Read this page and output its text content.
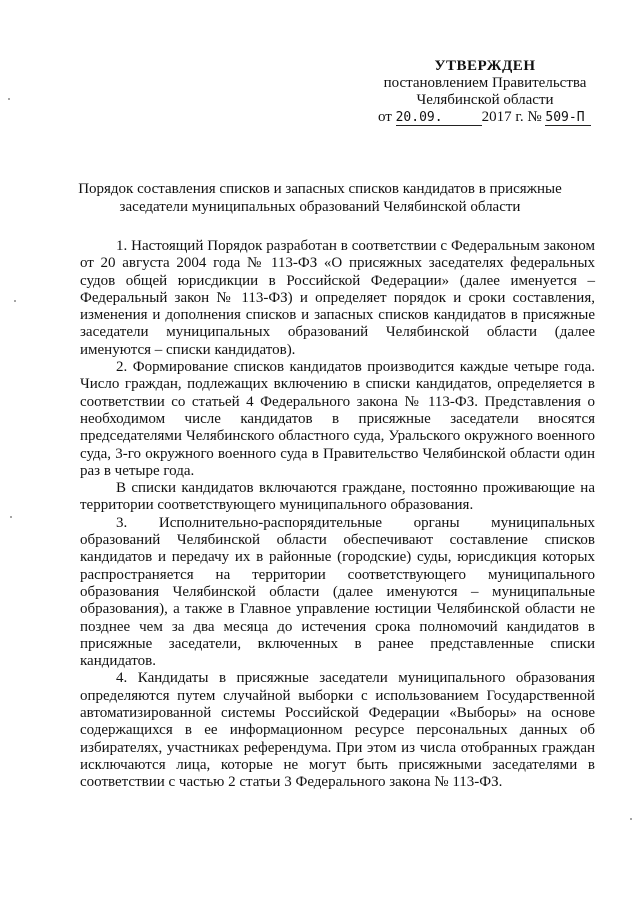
УТВЕРЖДЕН
постановлением Правительства
Челябинской области
от 20.09.	2017 г. № 509-П
Порядок составления списков и запасных списков кандидатов в присяжные
заседатели муниципальных образований Челябинской области

1. Настоящий Порядок разработан в соответствии с Федеральным законом от 20 августа 2004 года № 113-ФЗ «О присяжных заседателях федеральных судов общей юрисдикции в Российской Федерации» (далее именуется – Федеральный закон № 113-ФЗ) и определяет порядок и сроки составления, изменения и дополнения списков и запасных списков кандидатов в присяжные заседатели муниципальных образований Челябинской области (далее именуются – списки кандидатов).

2. Формирование списков кандидатов производится каждые четыре года. Число граждан, подлежащих включению в списки кандидатов, определяется в соответствии со статьей 4 Федерального закона № 113-ФЗ. Представления о необходимом числе кандидатов в присяжные заседатели вносятся председателями Челябинского областного суда, Уральского окружного военного суда, 3-го окружного военного суда в Правительство Челябинской области один раз в четыре года.

В списки кандидатов включаются граждане, постоянно проживающие на территории соответствующего муниципального образования.

3. Исполнительно-распорядительные органы муниципальных образований Челябинской области обеспечивают составление списков кандидатов и передачу их в районные (городские) суды, юрисдикция которых распространяется на территории соответствующего муниципального образования Челябинской области (далее именуются – муниципальные образования), а также в Главное управление юстиции Челябинской области не позднее чем за два месяца до истечения срока полномочий кандидатов в присяжные заседатели, включенных в ранее представленные списки кандидатов.

4. Кандидаты в присяжные заседатели муниципального образования определяются путем случайной выборки с использованием Государственной автоматизированной системы Российской Федерации «Выборы» на основе содержащихся в ее информационном ресурсе персональных данных об избирателях, участниках референдума. При этом из числа отобранных граждан исключаются лица, которые не могут быть присяжными заседателями в соответствии с частью 2 статьи 3 Федерального закона № 113-ФЗ.
